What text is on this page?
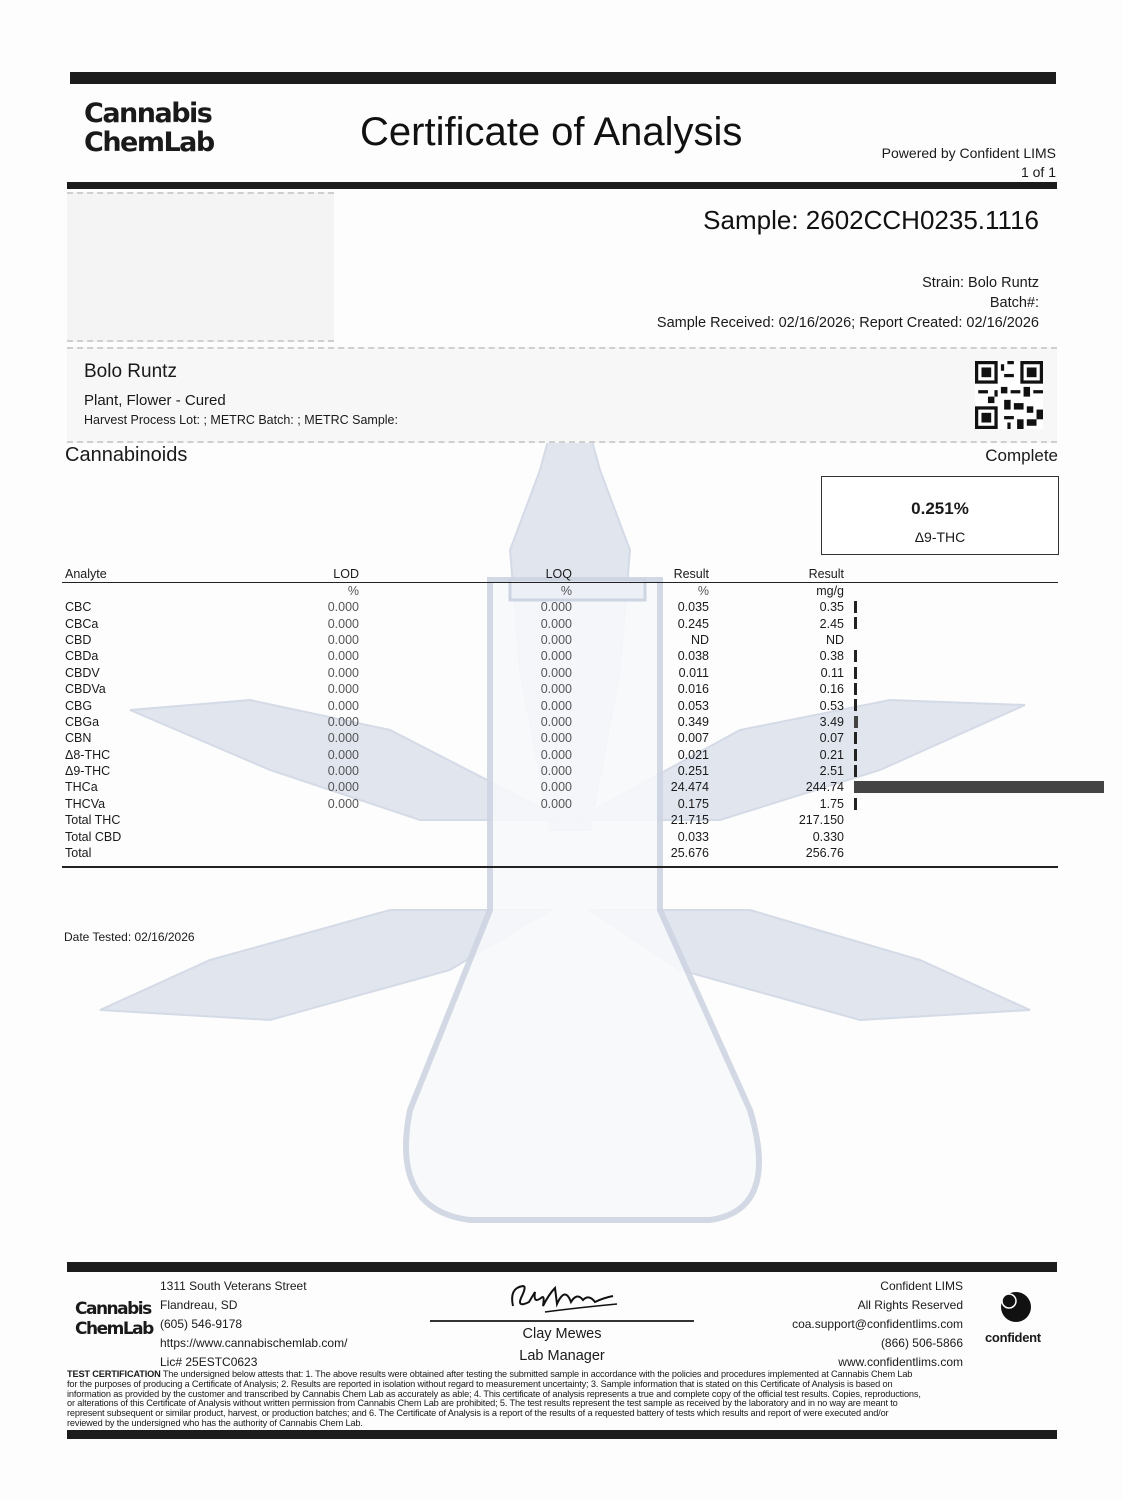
Cannabis
ChemLab	Certificate of Analysis	Powered by Confident LIMS
1 of 1
Sample: 2602CCH0235.1116
Strain: Bolo Runtz
Batch#:
Sample Received: 02/16/2026; Report Created: 02/16/2026
Bolo Runtz
Plant, Flower - Cured
Harvest Process Lot: ; METRC Batch: ; METRC Sample:
Cannabinoids	Complete
0.251%
Δ9-THC
Analyte	LOD	LOQ	Result	Result	
	%	%	%	mg/g	
CBC	0.000	0.000	0.035	0.35	

CBCa	0.000	0.000	0.245	2.45	

CBD	0.000	0.000	ND	ND	
CBDa	0.000	0.000	0.038	0.38	

CBDV	0.000	0.000	0.011	0.11	

CBDVa	0.000	0.000	0.016	0.16	

CBG	0.000	0.000	0.053	0.53	

CBGa	0.000	0.000	0.349	3.49	

CBN	0.000	0.000	0.007	0.07	

Δ8-THC	0.000	0.000	0.021	0.21	

Δ9-THC	0.000	0.000	0.251	2.51	

THCa	0.000	0.000	24.474	244.74	

THCVa	0.000	0.000	0.175	1.75	

Total THC			21.715	217.150	
Total CBD			0.033	0.330	
Total			25.676	256.76	
Date Tested: 02/16/2026
Cannabis
ChemLab
1311 South Veterans Street
Flandreau, SD
(605) 546-9178
https://www.cannabischemlab.com/
Lic# 25ESTC0623
Clay Mewes
Lab Manager
Confident LIMS
All Rights Reserved
coa.support@confidentlims.com
(866) 506-5866
www.confidentlims.com
confident
TEST CERTIFICATION The undersigned below attests that: 1. The above results were obtained after testing the submitted sample in accordance with the policies and procedures implemented at Cannabis Chem Lab
for the purposes of producing a Certificate of Analysis; 2. Results are reported in isolation without regard to measurement uncertainty; 3. Sample information that is stated on this Certificate of Analysis is based on
information as provided by the customer and transcribed by Cannabis Chem Lab as accurately as able; 4. This certificate of analysis represents a true and complete copy of the official test results. Copies, reproductions,
or alterations of this Certificate of Analysis without written permission from Cannabis Chem Lab are prohibited; 5. The test results represent the test sample as received by the laboratory and in no way are meant to
represent subsequent or similar product, harvest, or production batches; and 6. The Certificate of Analysis is a report of the results of a requested battery of tests which results and report of were executed and/or
reviewed by the undersigned who has the authority of Cannabis Chem Lab.
